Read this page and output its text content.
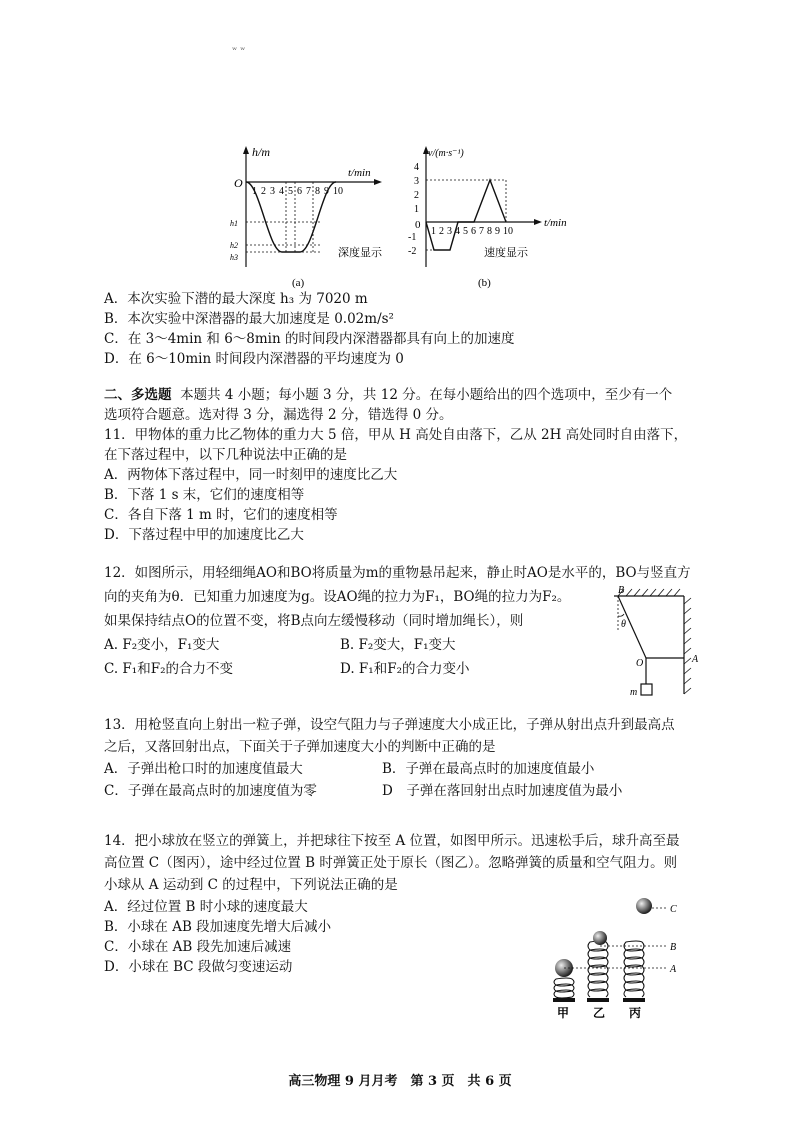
ʷ ʷ
h/m
t/min
O
1 2 3 4 5 6 7 8 9 10
h1
h2
h3	深度显示
(a)
v/(m·s⁻¹)
t/min
0
4
3
2
1
-1
-2
1 2 3 4 5 6 7 8 9 10
速度显示
(b)
A．本次实验下潜的最大深度 h₃ 为 7020 m
B．本次实验中深潜器的最大加速度是 0.02m/s²
C．在 3～4min 和 6～8min 的时间段内深潜器都具有向上的加速度
D．在 6～10min 时间段内深潜器的平均速度为 0
二、多选题 本题共 4 小题；每小题 3 分，共 12 分。在每小题给出的四个选项中，至少有一个
选项符合题意。选对得 3 分，漏选得 2 分，错选得 0 分。
11．甲物体的重力比乙物体的重力大 5 倍，甲从 H 高处自由落下，乙从 2H 高处同时自由落下，
在下落过程中，以下几种说法中正确的是
A．两物体下落过程中，同一时刻甲的速度比乙大
B．下落 1 s 末，它们的速度相等
C．各自下落 1 m 时，它们的速度相等
D．下落过程中甲的加速度比乙大
12．如图所示，用轻细绳AO和BO将质量为m的重物悬吊起来，静止时AO是水平的，BO与竖直方
向的夹角为θ．已知重力加速度为g。设AO绳的拉力为F₁，BO绳的拉力为F₂。
如果保持结点O的位置不变，将B点向左缓慢移动（同时增加绳长），则
A. F₂变小，F₁变大	B. F₂变大，F₁变大
C. F₁和F₂的合力不变	D. F₁和F₂的合力变小
B
θ
O	A
m
13．用枪竖直向上射出一粒子弹，设空气阻力与子弹速度大小成正比，子弹从射出点升到最高点
之后，又落回射出点，下面关于子弹加速度大小的判断中正确的是
A．子弹出枪口时的加速度值最大	B．子弹在最高点时的加速度值最小
C．子弹在最高点时的加速度值为零	D　子弹在落回射出点时加速度值为最小
14．把小球放在竖立的弹簧上，并把球往下按至 A 位置，如图甲所示。迅速松手后，球升高至最
高位置 C（图丙），途中经过位置 B 时弹簧正处于原长（图乙）。忽略弹簧的质量和空气阻力。则
小球从 A 运动到 C 的过程中，下列说法正确的是
A．经过位置 B 时小球的速度最大
B．小球在 AB 段加速度先增大后减小
C．小球在 AB 段先加速后减速
D．小球在 BC 段做匀变速运动
C
B
A
甲 乙 丙
高三物理 9 月月考　第 3 页　共 6 页
